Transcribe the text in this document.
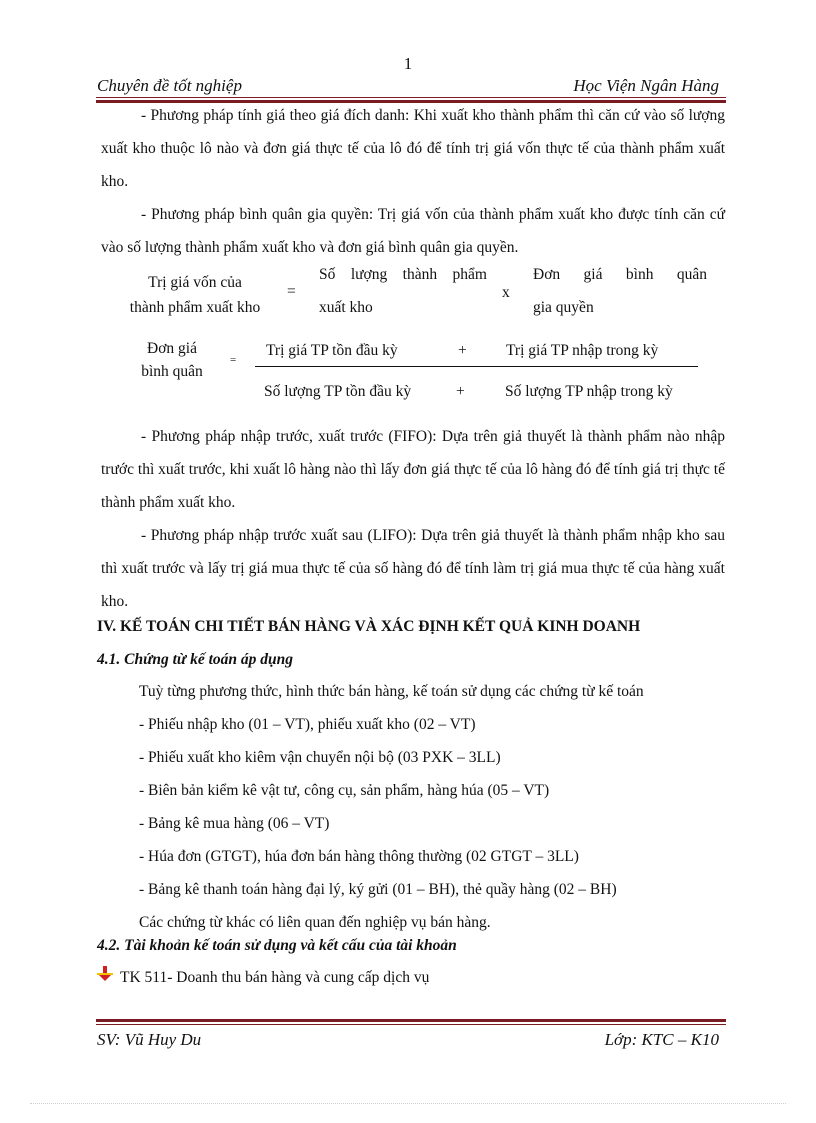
1
Chuyên đề tốt nghiệp	Học Viện Ngân Hàng

- Phương pháp tính giá theo giá đích danh: Khi xuất kho thành phẩm thì căn cứ vào số lượng xuất kho thuộc lô nào và đơn giá thực tế của lô đó để tính trị giá vốn thực tế của thành phẩm xuất kho.

- Phương pháp bình quân gia quyền: Trị giá vốn của thành phẩm xuất kho được tính căn cứ vào số lượng thành phẩm xuất kho và đơn giá bình quân gia quyền.

Trị giá vốn của
thành phẩm xuất kho
=
Số lượng thành phẩm
xuất kho
x
Đơn giá bình quân
gia quyền
Đơn giá
bình quân
=
Trị giá TP tồn đầu kỳ	+	Trị giá TP nhập trong kỳ
Số lượng TP tồn đầu kỳ	+	Số lượng TP nhập trong kỳ

- Phương pháp nhập trước, xuất trước (FIFO): Dựa trên giả thuyết là thành phẩm nào nhập trước thì xuất trước, khi xuất lô hàng nào thì lấy đơn giá thực tế của lô hàng đó để tính giá trị thực tế thành phẩm xuất kho.

- Phương pháp nhập trước xuất sau (LIFO): Dựa trên giả thuyết là thành phẩm nhập kho sau thì xuất trước và lấy trị giá mua thực tế của số hàng đó để tính làm trị giá mua thực tế của hàng xuất kho.

IV. KẾ TOÁN CHI TIẾT BÁN HÀNG VÀ XÁC ĐỊNH KẾT QUẢ KINH DOANH
4.1. Chứng từ kế toán áp dụng
Tuỳ từng phương thức, hình thức bán hàng, kế toán sử dụng các chứng từ kế toán
- Phiếu nhập kho (01 – VT), phiếu xuất kho (02 – VT)
- Phiếu xuất kho kiêm vận chuyển nội bộ (03 PXK – 3LL)
- Biên bản kiểm kê vật tư, công cụ, sản phẩm, hàng húa (05 – VT)
- Bảng kê mua hàng (06 – VT)
- Húa đơn (GTGT), húa đơn bán hàng thông thường (02 GTGT – 3LL)
- Bảng kê thanh toán hàng đại lý, ký gửi (01 – BH), thẻ quầy hàng (02 – BH)
Các chứng từ khác có liên quan đến nghiệp vụ bán hàng.
4.2. Tài khoản kế toán sử dụng và kết cấu của tài khoản
TK 511- Doanh thu bán hàng và cung cấp dịch vụ
SV: Vũ Huy Du	Lớp: KTC – K10
